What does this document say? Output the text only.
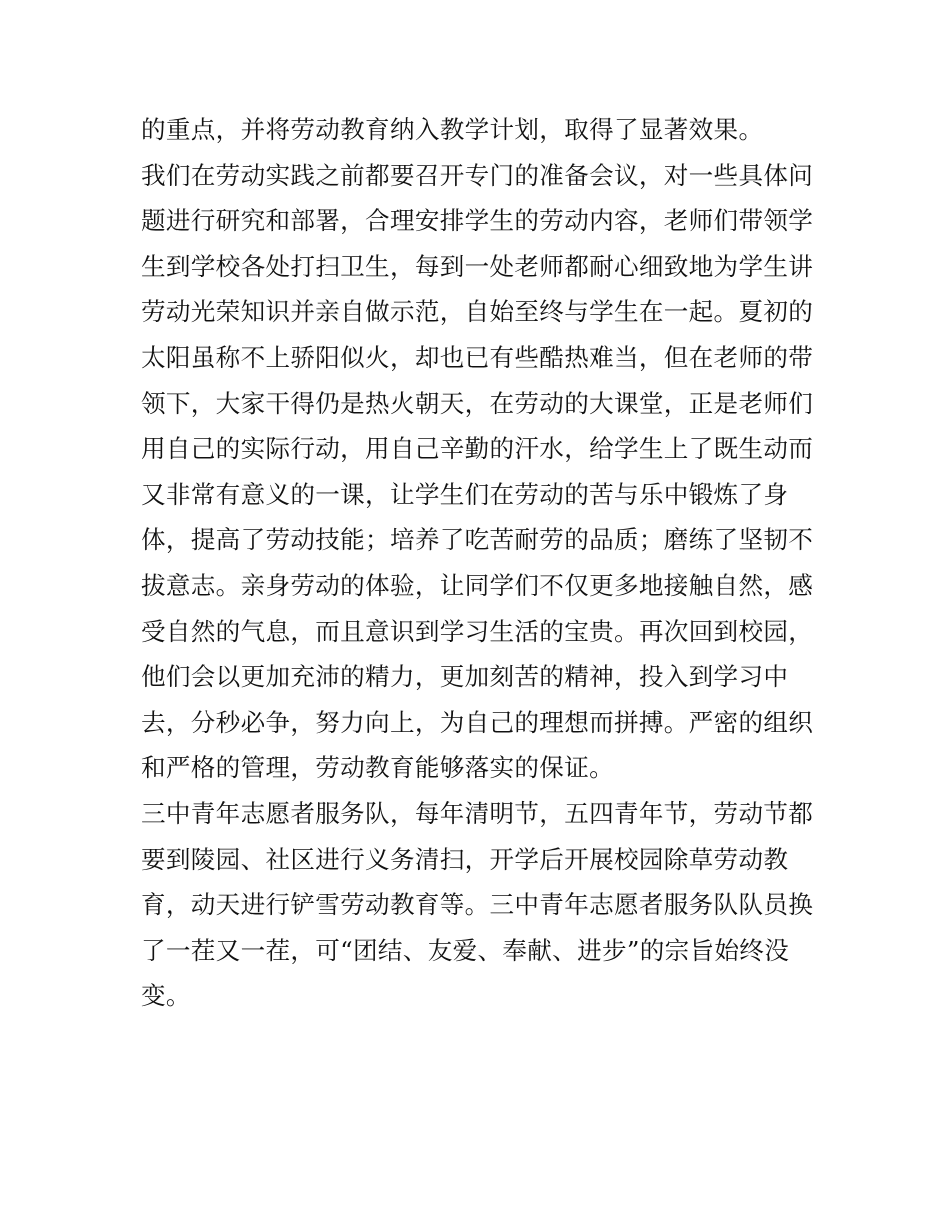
的重点，并将劳动教育纳入教学计划，取得了显著效果。
我们在劳动实践之前都要召开专门的准备会议，对一些具体问
题进行研究和部署，合理安排学生的劳动内容，老师们带领学
生到学校各处打扫卫生，每到一处老师都耐心细致地为学生讲
劳动光荣知识并亲自做示范，自始至终与学生在一起。夏初的
太阳虽称不上骄阳似火，却也已有些酷热难当，但在老师的带
领下，大家干得仍是热火朝天，在劳动的大课堂，正是老师们
用自己的实际行动，用自己辛勤的汗水，给学生上了既生动而
又非常有意义的一课，让学生们在劳动的苦与乐中锻炼了身
体，提高了劳动技能；培养了吃苦耐劳的品质；磨练了坚韧不
拔意志。亲身劳动的体验，让同学们不仅更多地接触自然，感
受自然的气息，而且意识到学习生活的宝贵。再次回到校园，
他们会以更加充沛的精力，更加刻苦的精神，投入到学习中
去，分秒必争，努力向上，为自己的理想而拼搏。严密的组织
和严格的管理，劳动教育能够落实的保证。
三中青年志愿者服务队，每年清明节，五四青年节，劳动节都
要到陵园、社区进行义务清扫，开学后开展校园除草劳动教
育，动天进行铲雪劳动教育等。三中青年志愿者服务队队员换
了一茬又一茬，可“团结、友爱、奉献、进步”的宗旨始终没
变。
